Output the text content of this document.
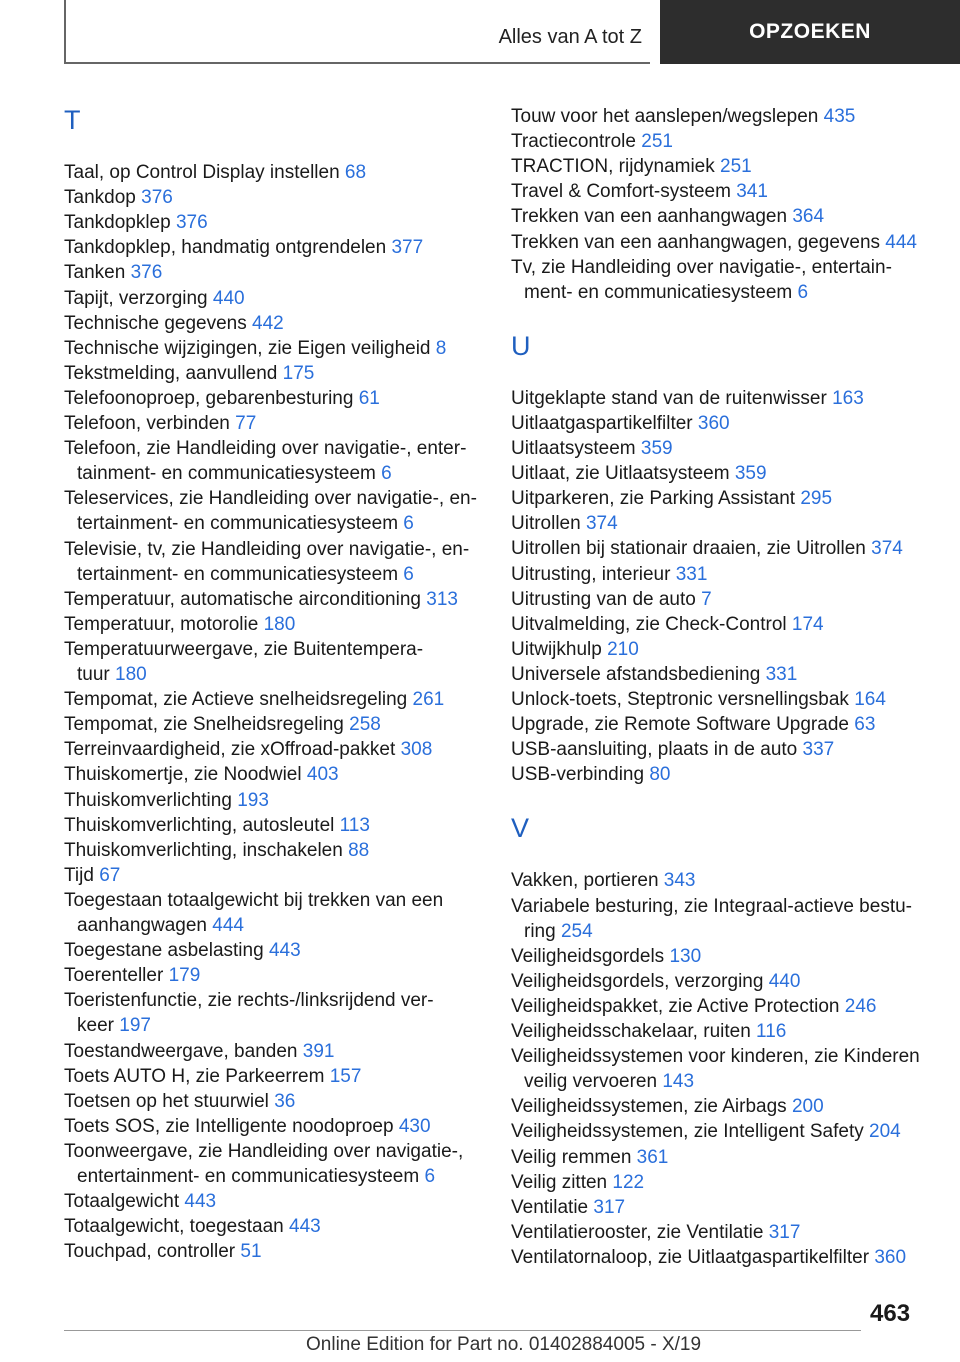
Alles van A tot Z	OPZOEKEN
T
Taal, op Control Display instellen 68
Tankdop 376
Tankdopklep 376
Tankdopklep, handmatig ontgrendelen 377
Tanken 376
Tapijt, verzorging 440
Technische gegevens 442
Technische wijzigingen, zie Eigen veiligheid 8
Tekstmelding, aanvullend 175
Telefoonoproep, gebarenbesturing 61
Telefoon, verbinden 77
Telefoon, zie Handleiding over navigatie-, enter-
tainment- en communicatiesysteem 6
Teleservices, zie Handleiding over navigatie-, en-
tertainment- en communicatiesysteem 6
Televisie, tv, zie Handleiding over navigatie-, en-
tertainment- en communicatiesysteem 6
Temperatuur, automatische airconditioning 313
Temperatuur, motorolie 180
Temperatuurweergave, zie Buitentempera-
tuur 180
Tempomat, zie Actieve snelheidsregeling 261
Tempomat, zie Snelheidsregeling 258
Terreinvaardigheid, zie xOffroad-pakket 308
Thuiskomertje, zie Noodwiel 403
Thuiskomverlichting 193
Thuiskomverlichting, autosleutel 113
Thuiskomverlichting, inschakelen 88
Tijd 67
Toegestaan totaalgewicht bij trekken van een
aanhangwagen 444
Toegestane asbelasting 443
Toerenteller 179
Toeristenfunctie, zie rechts-/linksrijdend ver-
keer 197
Toestandweergave, banden 391
Toets AUTO H, zie Parkeerrem 157
Toetsen op het stuurwiel 36
Toets SOS, zie Intelligente noodoproep 430
Toonweergave, zie Handleiding over navigatie-,
entertainment- en communicatiesysteem 6
Totaalgewicht 443
Totaalgewicht, toegestaan 443
Touchpad, controller 51
Touw voor het aanslepen/wegslepen 435
Tractiecontrole 251
TRACTION, rijdynamiek 251
Travel & Comfort-systeem 341
Trekken van een aanhangwagen 364
Trekken van een aanhangwagen, gegevens 444
Tv, zie Handleiding over navigatie-, entertain-
ment- en communicatiesysteem 6
U
Uitgeklapte stand van de ruitenwisser 163
Uitlaatgaspartikelfilter 360
Uitlaatsysteem 359
Uitlaat, zie Uitlaatsysteem 359
Uitparkeren, zie Parking Assistant 295
Uitrollen 374
Uitrollen bij stationair draaien, zie Uitrollen 374
Uitrusting, interieur 331
Uitrusting van de auto 7
Uitvalmelding, zie Check-Control 174
Uitwijkhulp 210
Universele afstandsbediening 331
Unlock-toets, Steptronic versnellingsbak 164
Upgrade, zie Remote Software Upgrade 63
USB-aansluiting, plaats in de auto 337
USB-verbinding 80
V
Vakken, portieren 343
Variabele besturing, zie Integraal-actieve bestu-
ring 254
Veiligheidsgordels 130
Veiligheidsgordels, verzorging 440
Veiligheidspakket, zie Active Protection 246
Veiligheidsschakelaar, ruiten 116
Veiligheidssystemen voor kinderen, zie Kinderen
veilig vervoeren 143
Veiligheidssystemen, zie Airbags 200
Veiligheidssystemen, zie Intelligent Safety 204
Veilig remmen 361
Veilig zitten 122
Ventilatie 317
Ventilatierooster, zie Ventilatie 317
Ventilatornaloop, zie Uitlaatgaspartikelfilter 360
463
Online Edition for Part no. 01402884005 - X/19
